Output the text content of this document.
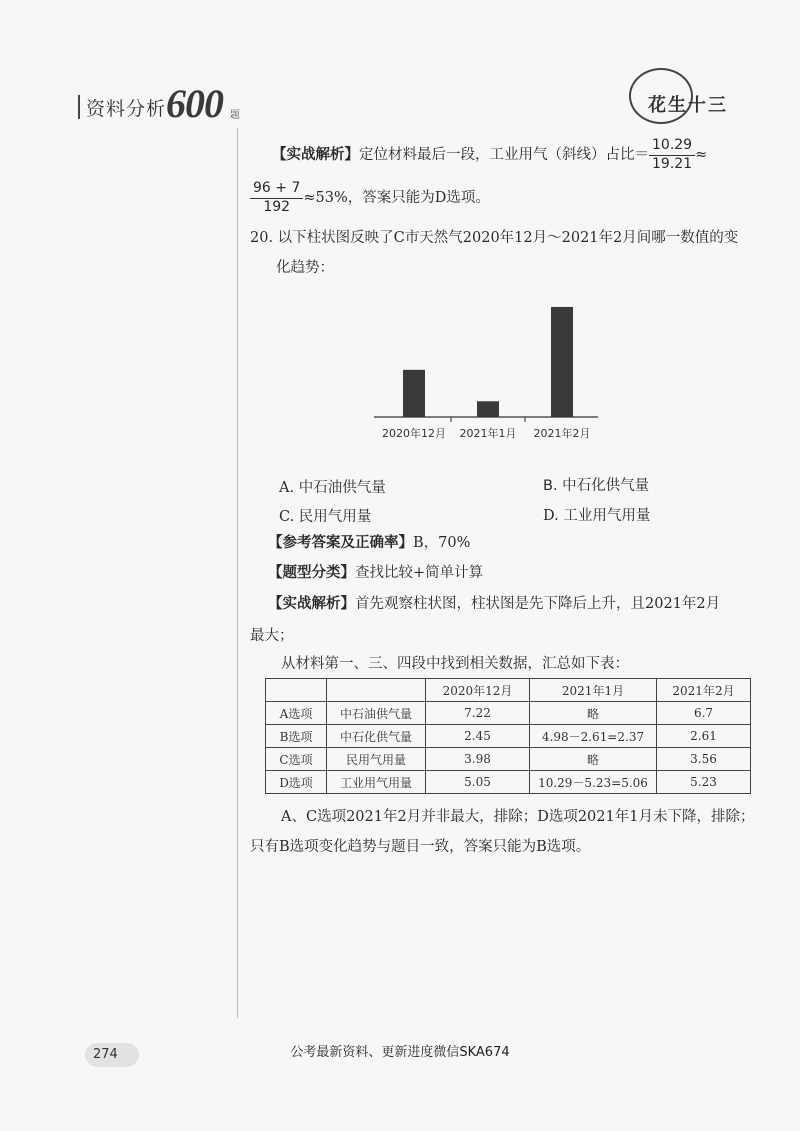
资料分析 600 题	花生十三
【实战解析】定位材料最后一段，工业用气（斜线）占比＝ $\frac{10.29}{19.21}$ ≈
$\frac{96 + 7}{192} \approx 53\%$，答案只能为D选项。
20. 以下柱状图反映了C市天然气2020年12月～2021年2月间哪一数值的变
化趋势：
2020年12月 2021年1月 2021年2月
A. 中石油供气量	B. 中石化供气量
C. 民用气用量	D. 工业用气用量
【参考答案及正确率】B，70%
【题型分类】查找比较+简单计算
【实战解析】首先观察柱状图，柱状图是先下降后上升，且2021年2月
最大；
从材料第一、三、四段中找到相关数据，汇总如下表：
		2020年12月	2021年1月	2021年2月
A选项	中石油供气量	7.22	略	6.7
B选项	中石化供气量	2.45	4.98－2.61=2.37	2.61
C选项	民用气用量	3.98	略	3.56
D选项	工业用气用量	5.05	10.29－5.23=5.06	5.23
A、C选项2021年2月并非最大，排除；D选项2021年1月未下降，排除；
只有B选项变化趋势与题目一致，答案只能为B选项。
公考最新资料、更新进度微信SKA674
274
